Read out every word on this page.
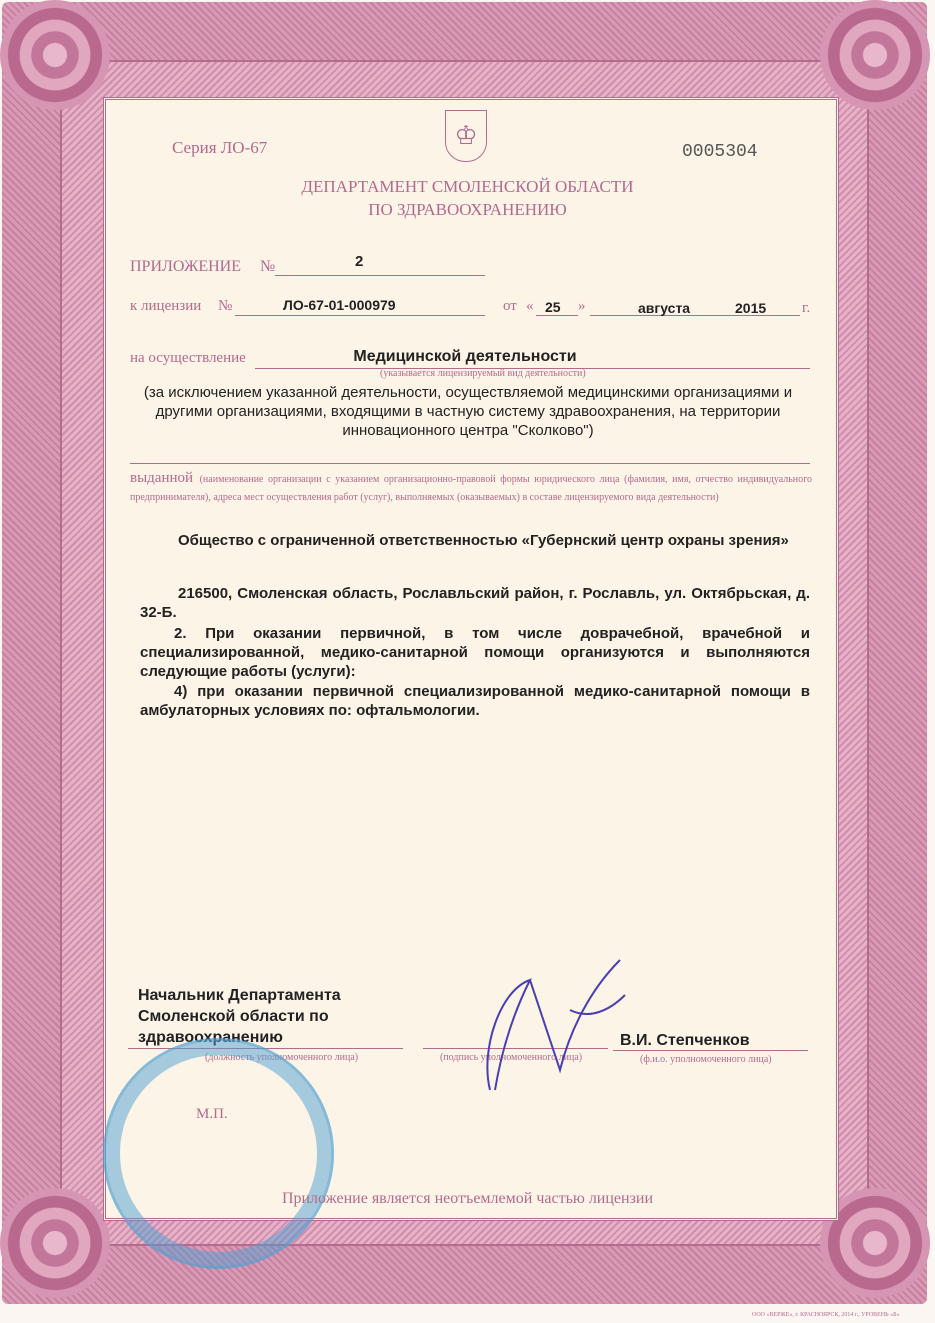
♔
Серия ЛО-67	0005304
ДЕПАРТАМЕНТ СМОЛЕНСКОЙ ОБЛАСТИ
ПО ЗДРАВООХРАНЕНИЮ
ПРИЛОЖЕНИЕ №	2
к лицензии №	ЛО-67-01-000979	от « 25 »	августа	2015 г.
на осуществление	Медицинской деятельности
(указывается лицензируемый вид деятельности)
(за исключением указанной деятельности, осуществляемой медицинскими организациями и другими организациями, входящими в частную систему здравоохранения, на территории инновационного центра "Сколково")
выданной (наименование организации с указанием организационно-правовой формы юридического лица (фамилия, имя, отчество индивидуального предпринимателя), адреса мест осуществления работ (услуг), выполняемых (оказываемых) в составе лицензируемого вида деятельности)
Общество с ограниченной ответственностью «Губернский центр охраны зрения»
216500, Смоленская область, Рославльский район, г. Рославль, ул. Октябрьская, д. 32-Б.
2. При оказании первичной, в том числе доврачебной, врачебной и специализированной, медико-санитарной помощи организуются и выполняются следующие работы (услуги):
4) при оказании первичной специализированной медико-санитарной помощи в амбулаторных условиях по: офтальмологии.
Начальник Департамента Смоленской области по здравоохранению
(должность уполномоченного лица)	(подпись уполномоченного лица)
В.И. Степченков
(ф.и.о. уполномоченного лица)
М.П.
Приложение является неотъемлемой частью лицензии
ООО «ВЕРЖЕ», г. КРАСНОЯРСК, 2014 г., УРОВЕНЬ «Б»
